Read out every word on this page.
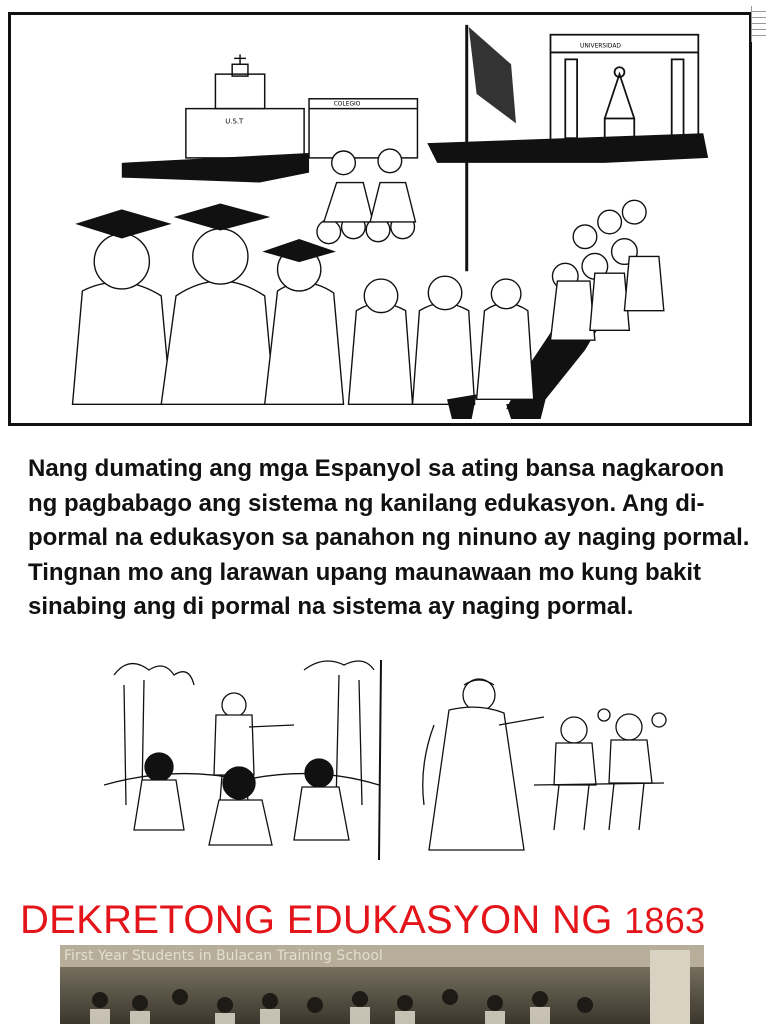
U.S.T
COLEGIO
UNIVERSIDAD

Nang dumating ang mga Espanyol sa ating bansa nagkaroon ng pagbabago ang sistema ng kanilang edukasyon. Ang di-pormal na edukasyon sa panahon ng ninuno ay naging pormal. Tingnan mo ang larawan upang maunawaan mo kung bakit sinabing ang di pormal na sistema ay naging pormal.

DEKRETONG EDUKASYON NG 1863
First Year Students in Bulacan Training School
